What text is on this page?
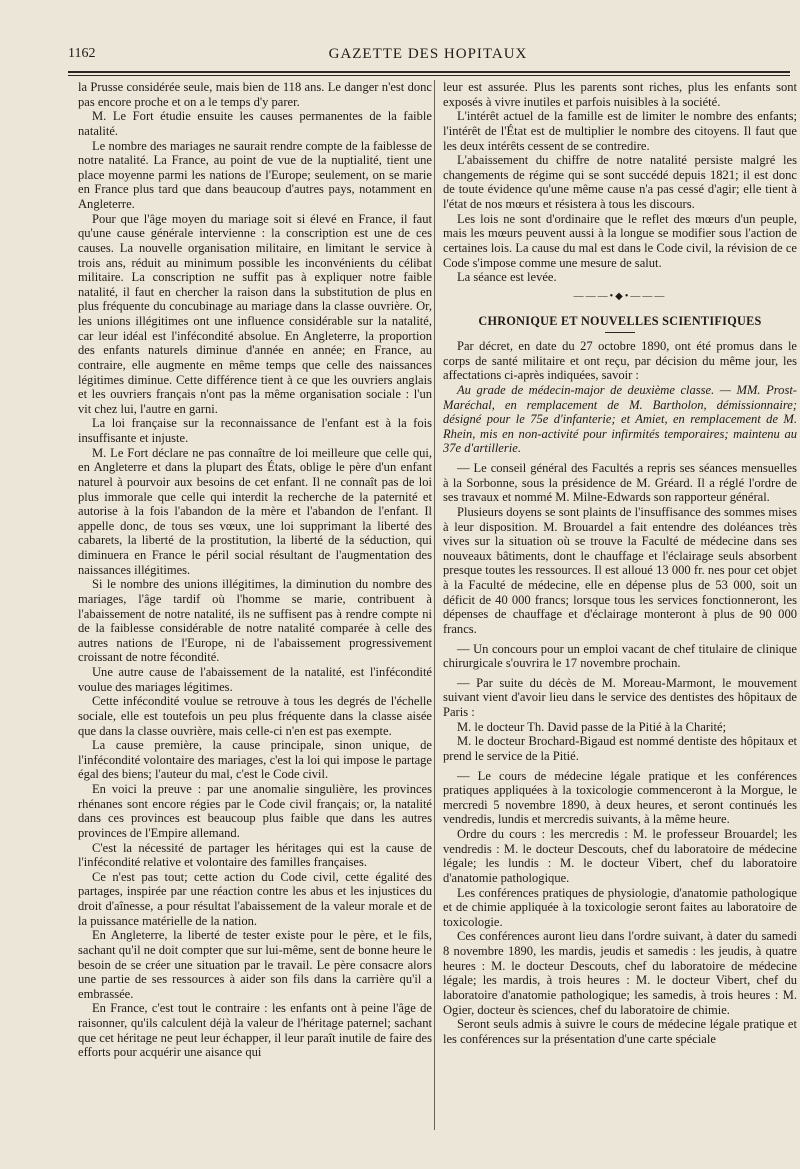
1162	GAZETTE DES HOPITAUX

la Prusse considérée seule, mais bien de 118 ans. Le danger n'est donc pas encore proche et on a le temps d'y parer.

M. Le Fort étudie ensuite les causes permanentes de la faible natalité.

Le nombre des mariages ne saurait rendre compte de la faiblesse de notre natalité. La France, au point de vue de la nuptialité, tient une place moyenne parmi les nations de l'Europe; seulement, on se marie en France plus tard que dans beaucoup d'autres pays, notamment en Angleterre.

Pour que l'âge moyen du mariage soit si élevé en France, il faut qu'une cause générale intervienne : la conscription est une de ces causes. La nouvelle organisation militaire, en limitant le service à trois ans, réduit au minimum possible les inconvénients du célibat militaire. La conscription ne suffit pas à expliquer notre faible natalité, il faut en chercher la raison dans la substitution de plus en plus fréquente du concubinage au mariage dans la classe ouvrière. Or, les unions illégitimes ont une influence considérable sur la natalité, car leur idéal est l'infécondité absolue. En Angleterre, la proportion des enfants naturels diminue d'année en année; en France, au contraire, elle augmente en même temps que celle des naissances légitimes diminue. Cette différence tient à ce que les ouvriers anglais et les ouvriers français n'ont pas la même organisation sociale : l'un vit chez lui, l'autre en garni.

La loi française sur la reconnaissance de l'enfant est à la fois insuffisante et injuste.

M. Le Fort déclare ne pas connaître de loi meilleure que celle qui, en Angleterre et dans la plupart des États, oblige le père d'un enfant naturel à pourvoir aux besoins de cet enfant. Il ne connaît pas de loi plus immorale que celle qui interdit la recherche de la paternité et autorise à la fois l'abandon de la mère et l'abandon de l'enfant. Il appelle donc, de tous ses vœux, une loi supprimant la liberté des cabarets, la liberté de la prostitution, la liberté de la séduction, qui diminuera en France le péril social résultant de l'augmentation des naissances illégitimes.

Si le nombre des unions illégitimes, la diminution du nombre des mariages, l'âge tardif où l'homme se marie, contribuent à l'abaissement de notre natalité, ils ne suffisent pas à rendre compte ni de la faiblesse considérable de notre natalité comparée à celle des autres nations de l'Europe, ni de l'abaissement progressivement croissant de notre fécondité.

Une autre cause de l'abaissement de la natalité, est l'infécondité voulue des mariages légitimes.

Cette infécondité voulue se retrouve à tous les degrés de l'échelle sociale, elle est toutefois un peu plus fréquente dans la classe aisée que dans la classe ouvrière, mais celle-ci n'en est pas exempte.

La cause première, la cause principale, sinon unique, de l'infécondité volontaire des mariages, c'est la loi qui impose le partage égal des biens; l'auteur du mal, c'est le Code civil.

En voici la preuve : par une anomalie singulière, les provinces rhénanes sont encore régies par le Code civil français; or, la natalité dans ces provinces est beaucoup plus faible que dans les autres provinces de l'Empire allemand.

C'est la nécessité de partager les héritages qui est la cause de l'infécondité relative et volontaire des familles françaises.

Ce n'est pas tout; cette action du Code civil, cette égalité des partages, inspirée par une réaction contre les abus et les injustices du droit d'aînesse, a pour résultat l'abaissement de la valeur morale et de la puissance matérielle de la nation.

En Angleterre, la liberté de tester existe pour le père, et le fils, sachant qu'il ne doit compter que sur lui-même, sent de bonne heure le besoin de se créer une situation par le travail. Le père consacre alors une partie de ses ressources à aider son fils dans la carrière qu'il a embrassée.

En France, c'est tout le contraire : les enfants ont à peine l'âge de raisonner, qu'ils calculent déjà la valeur de l'héritage paternel; sachant que cet héritage ne peut leur échapper, il leur paraît inutile de faire des efforts pour acquérir une aisance qui

leur est assurée. Plus les parents sont riches, plus les enfants sont exposés à vivre inutiles et parfois nuisibles à la société.

L'intérêt actuel de la famille est de limiter le nombre des enfants; l'intérêt de l'État est de multiplier le nombre des citoyens. Il faut que les deux intérêts cessent de se contredire.

L'abaissement du chiffre de notre natalité persiste malgré les changements de régime qui se sont succédé depuis 1821; il est donc de toute évidence qu'une même cause n'a pas cessé d'agir; elle tient à l'état de nos mœurs et résistera à tous les discours.

Les lois ne sont d'ordinaire que le reflet des mœurs d'un peuple, mais les mœurs peuvent aussi à la longue se modifier sous l'action de certaines lois. La cause du mal est dans le Code civil, la révision de ce Code s'impose comme une mesure de salut.

La séance est levée.

———•◆•———

CHRONIQUE ET NOUVELLES SCIENTIFIQUES

Par décret, en date du 27 octobre 1890, ont été promus dans le corps de santé militaire et ont reçu, par décision du même jour, les affectations ci-après indiquées, savoir :

Au grade de médecin-major de deuxième classe. — MM. Prost-Maréchal, en remplacement de M. Bartholon, démissionnaire; désigné pour le 75e d'infanterie; et Amiet, en remplacement de M. Rhein, mis en non-activité pour infirmités temporaires; maintenu au 37e d'artillerie.

— Le conseil général des Facultés a repris ses séances mensuelles à la Sorbonne, sous la présidence de M. Gréard. Il a réglé l'ordre de ses travaux et nommé M. Milne-Edwards son rapporteur général.

Plusieurs doyens se sont plaints de l'insuffisance des sommes mises à leur disposition. M. Brouardel a fait entendre des doléances très vives sur la situation où se trouve la Faculté de médecine dans ses nouveaux bâtiments, dont le chauffage et l'éclairage seuls absorbent presque toutes les ressources. Il est alloué 13 000 fr. nes pour cet objet à la Faculté de médecine, elle en dépense plus de 53 000, soit un déficit de 40 000 francs; lorsque tous les services fonctionneront, les dépenses de chauffage et d'éclairage monteront à plus de 90 000 francs.

— Un concours pour un emploi vacant de chef titulaire de clinique chirurgicale s'ouvrira le 17 novembre prochain.

— Par suite du décès de M. Moreau-Marmont, le mouvement suivant vient d'avoir lieu dans le service des dentistes des hôpitaux de Paris :

M. le docteur Th. David passe de la Pitié à la Charité;

M. le docteur Brochard-Bigaud est nommé dentiste des hôpitaux et prend le service de la Pitié.

— Le cours de médecine légale pratique et les conférences pratiques appliquées à la toxicologie commenceront à la Morgue, le mercredi 5 novembre 1890, à deux heures, et seront continués les vendredis, lundis et mercredis suivants, à la même heure.

Ordre du cours : les mercredis : M. le professeur Brouardel; les vendredis : M. le docteur Descouts, chef du laboratoire de médecine légale; les lundis : M. le docteur Vibert, chef du laboratoire d'anatomie pathologique.

Les conférences pratiques de physiologie, d'anatomie pathologique et de chimie appliquée à la toxicologie seront faites au laboratoire de toxicologie.

Ces conférences auront lieu dans l'ordre suivant, à dater du samedi 8 novembre 1890, les mardis, jeudis et samedis : les jeudis, à quatre heures : M. le docteur Descouts, chef du laboratoire de médecine légale; les mardis, à trois heures : M. le docteur Vibert, chef du laboratoire d'anatomie pathologique; les samedis, à trois heures : M. Ogier, docteur ès sciences, chef du laboratoire de chimie.

Seront seuls admis à suivre le cours de médecine légale pratique et les conférences sur la présentation d'une carte spéciale
